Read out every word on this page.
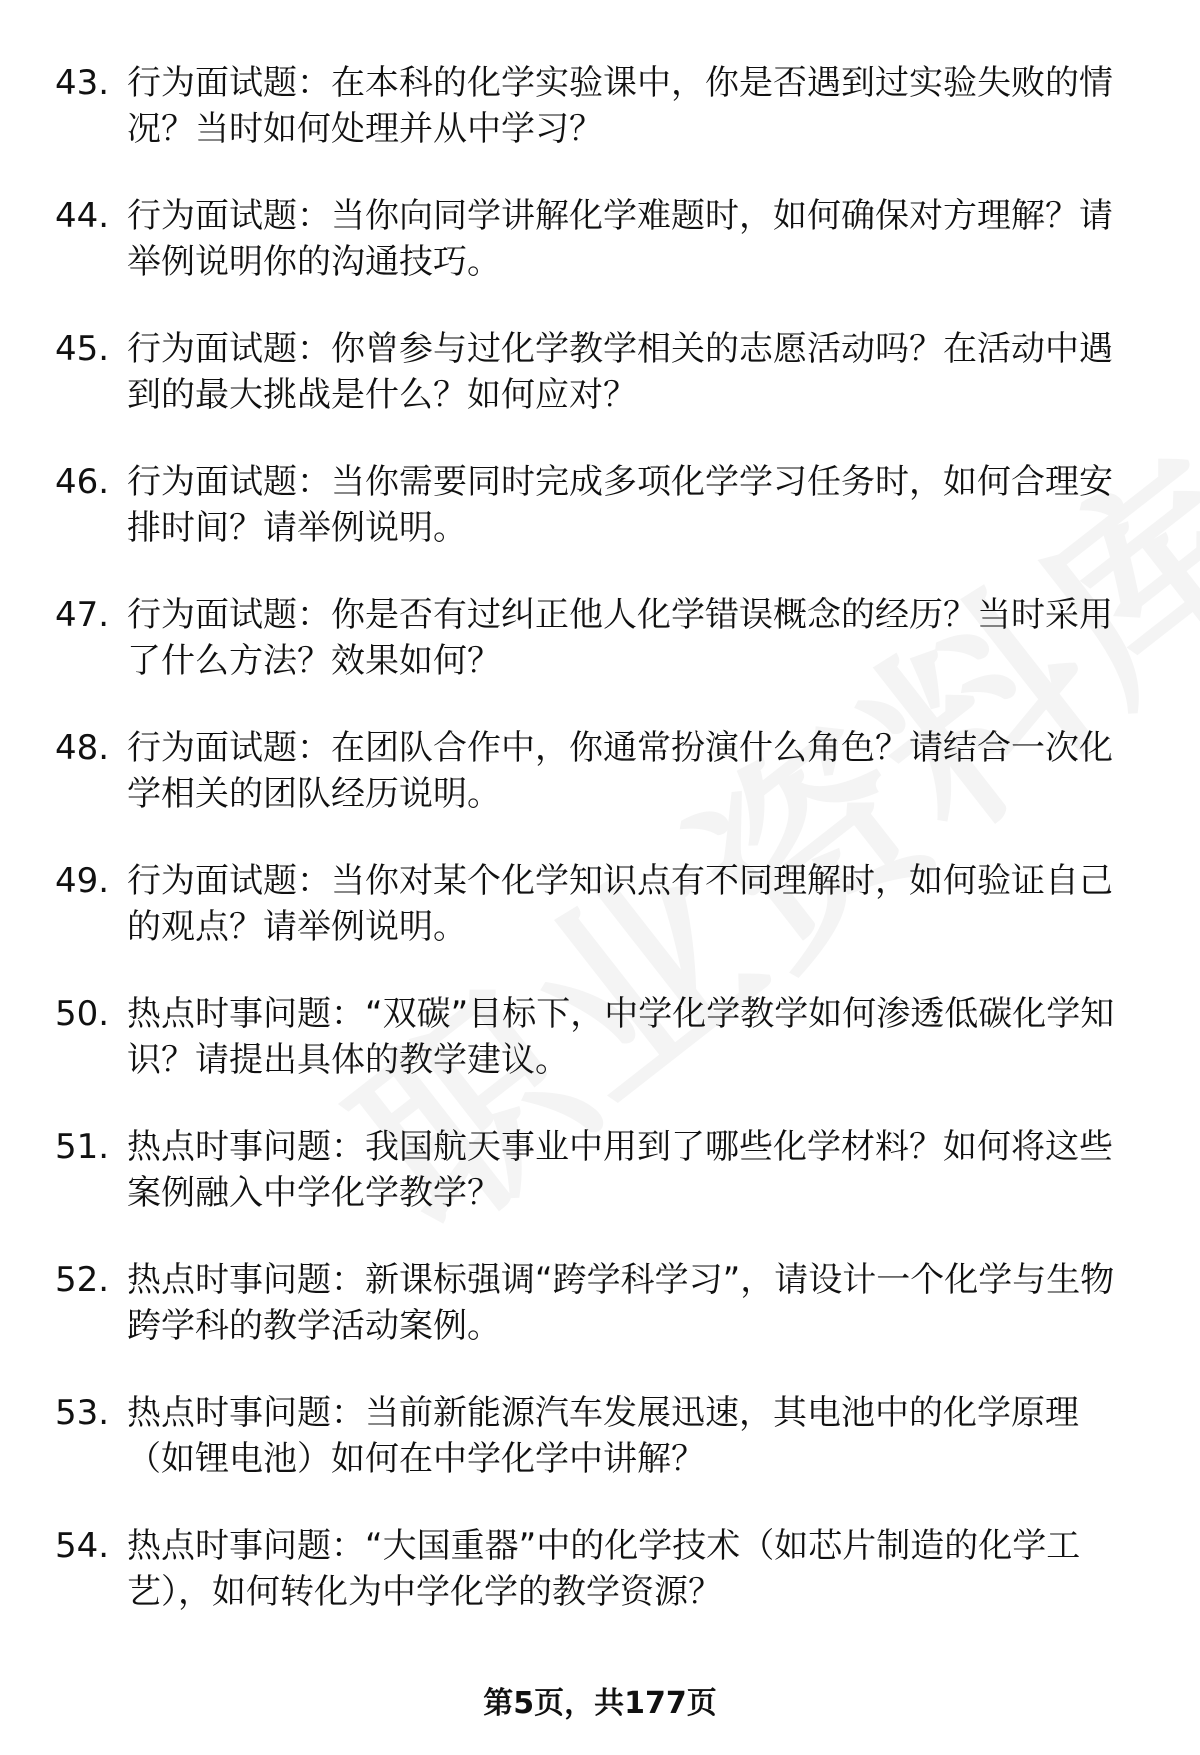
43. 行为面试题：在本科的化学实验课中，你是否遇到过实验失败的情况？当时如何处理并从中学习？
44. 行为面试题：当你向同学讲解化学难题时，如何确保对方理解？请举例说明你的沟通技巧。
45. 行为面试题：你曾参与过化学教学相关的志愿活动吗？在活动中遇到的最大挑战是什么？如何应对？
46. 行为面试题：当你需要同时完成多项化学学习任务时，如何合理安排时间？请举例说明。
47. 行为面试题：你是否有过纠正他人化学错误概念的经历？当时采用了什么方法？效果如何？
48. 行为面试题：在团队合作中，你通常扮演什么角色？请结合一次化学相关的团队经历说明。
49. 行为面试题：当你对某个化学知识点有不同理解时，如何验证自己的观点？请举例说明。
50. 热点时事问题：“双碳”目标下，中学化学教学如何渗透低碳化学知识？请提出具体的教学建议。
51. 热点时事问题：我国航天事业中用到了哪些化学材料？如何将这些案例融入中学化学教学？
52. 热点时事问题：新课标强调“跨学科学习”，请设计一个化学与生物跨学科的教学活动案例。
53. 热点时事问题：当前新能源汽车发展迅速，其电池中的化学原理（如锂电池）如何在中学化学中讲解？
54. 热点时事问题：“大国重器”中的化学技术（如芯片制造的化学工艺），如何转化为中学化学的教学资源？
第5页，共177页
